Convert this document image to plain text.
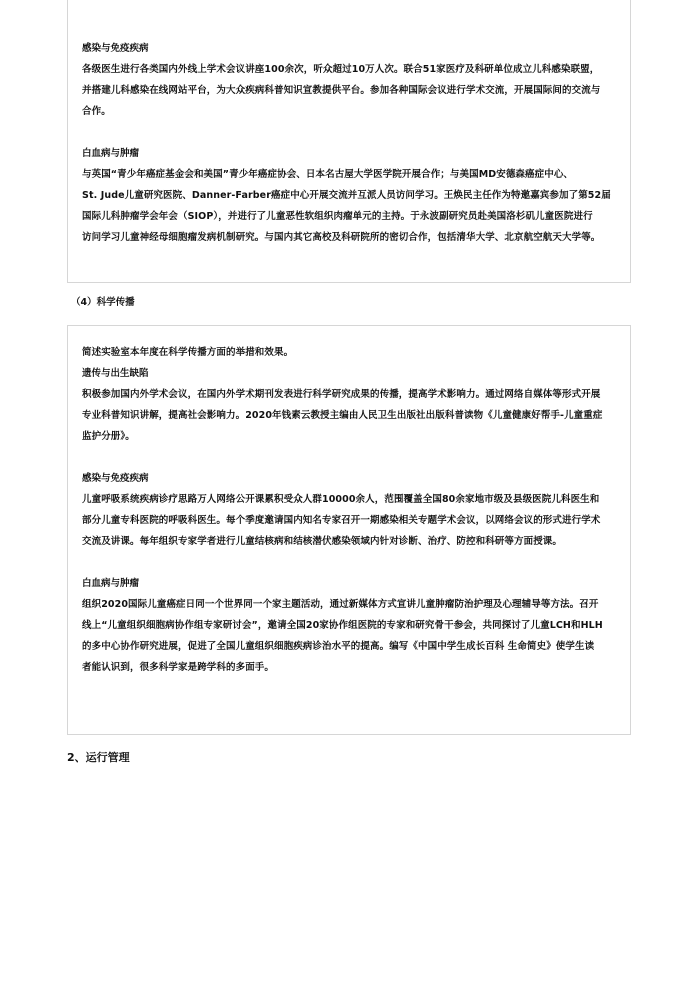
感染与免疫疾病

各级医生进行各类国内外线上学术会议讲座100余次，听众超过10万人次。联合51家医疗及科研单位成立儿科感染联盟，
并搭建儿科感染在线网站平台，为大众疾病科普知识宣教提供平台。参加各种国际会议进行学术交流，开展国际间的交流与
合作。

白血病与肿瘤

与英国“青少年癌症基金会和美国”青少年癌症协会、日本名古屋大学医学院开展合作；与美国MD安德森癌症中心、
St. Jude儿童研究医院、Danner-Farber癌症中心开展交流并互派人员访问学习。王焕民主任作为特邀嘉宾参加了第52届
国际儿科肿瘤学会年会（SIOP），并进行了儿童恶性软组织肉瘤单元的主持。于永波副研究员赴美国洛杉矶儿童医院进行
访问学习儿童神经母细胞瘤发病机制研究。与国内其它高校及科研院所的密切合作，包括清华大学、北京航空航天大学等。

（4）科学传播

简述实验室本年度在科学传播方面的举措和效果。

遗传与出生缺陷

积极参加国内外学术会议，在国内外学术期刊发表进行科学研究成果的传播，提高学术影响力。通过网络自媒体等形式开展
专业科普知识讲解，提高社会影响力。2020年钱素云教授主编由人民卫生出版社出版科普读物《儿童健康好帮手-儿童重症
监护分册》。

感染与免疫疾病

儿童呼吸系统疾病诊疗思路万人网络公开课累积受众人群10000余人，范围覆盖全国80余家地市级及县级医院儿科医生和
部分儿童专科医院的呼吸科医生。每个季度邀请国内知名专家召开一期感染相关专题学术会议，以网络会议的形式进行学术
交流及讲课。每年组织专家学者进行儿童结核病和结核潜伏感染领域内针对诊断、治疗、防控和科研等方面授课。

白血病与肿瘤

组织2020国际儿童癌症日同一个世界同一个家主题活动，通过新媒体方式宣讲儿童肿瘤防治护理及心理辅导等方法。召开
线上“儿童组织细胞病协作组专家研讨会”，邀请全国20家协作组医院的专家和研究骨干参会，共同探讨了儿童LCH和HLH
的多中心协作研究进展，促进了全国儿童组织细胞疾病诊治水平的提高。编写《中国中学生成长百科 生命简史》使学生读
者能认识到，很多科学家是跨学科的多面手。

2、运行管理
